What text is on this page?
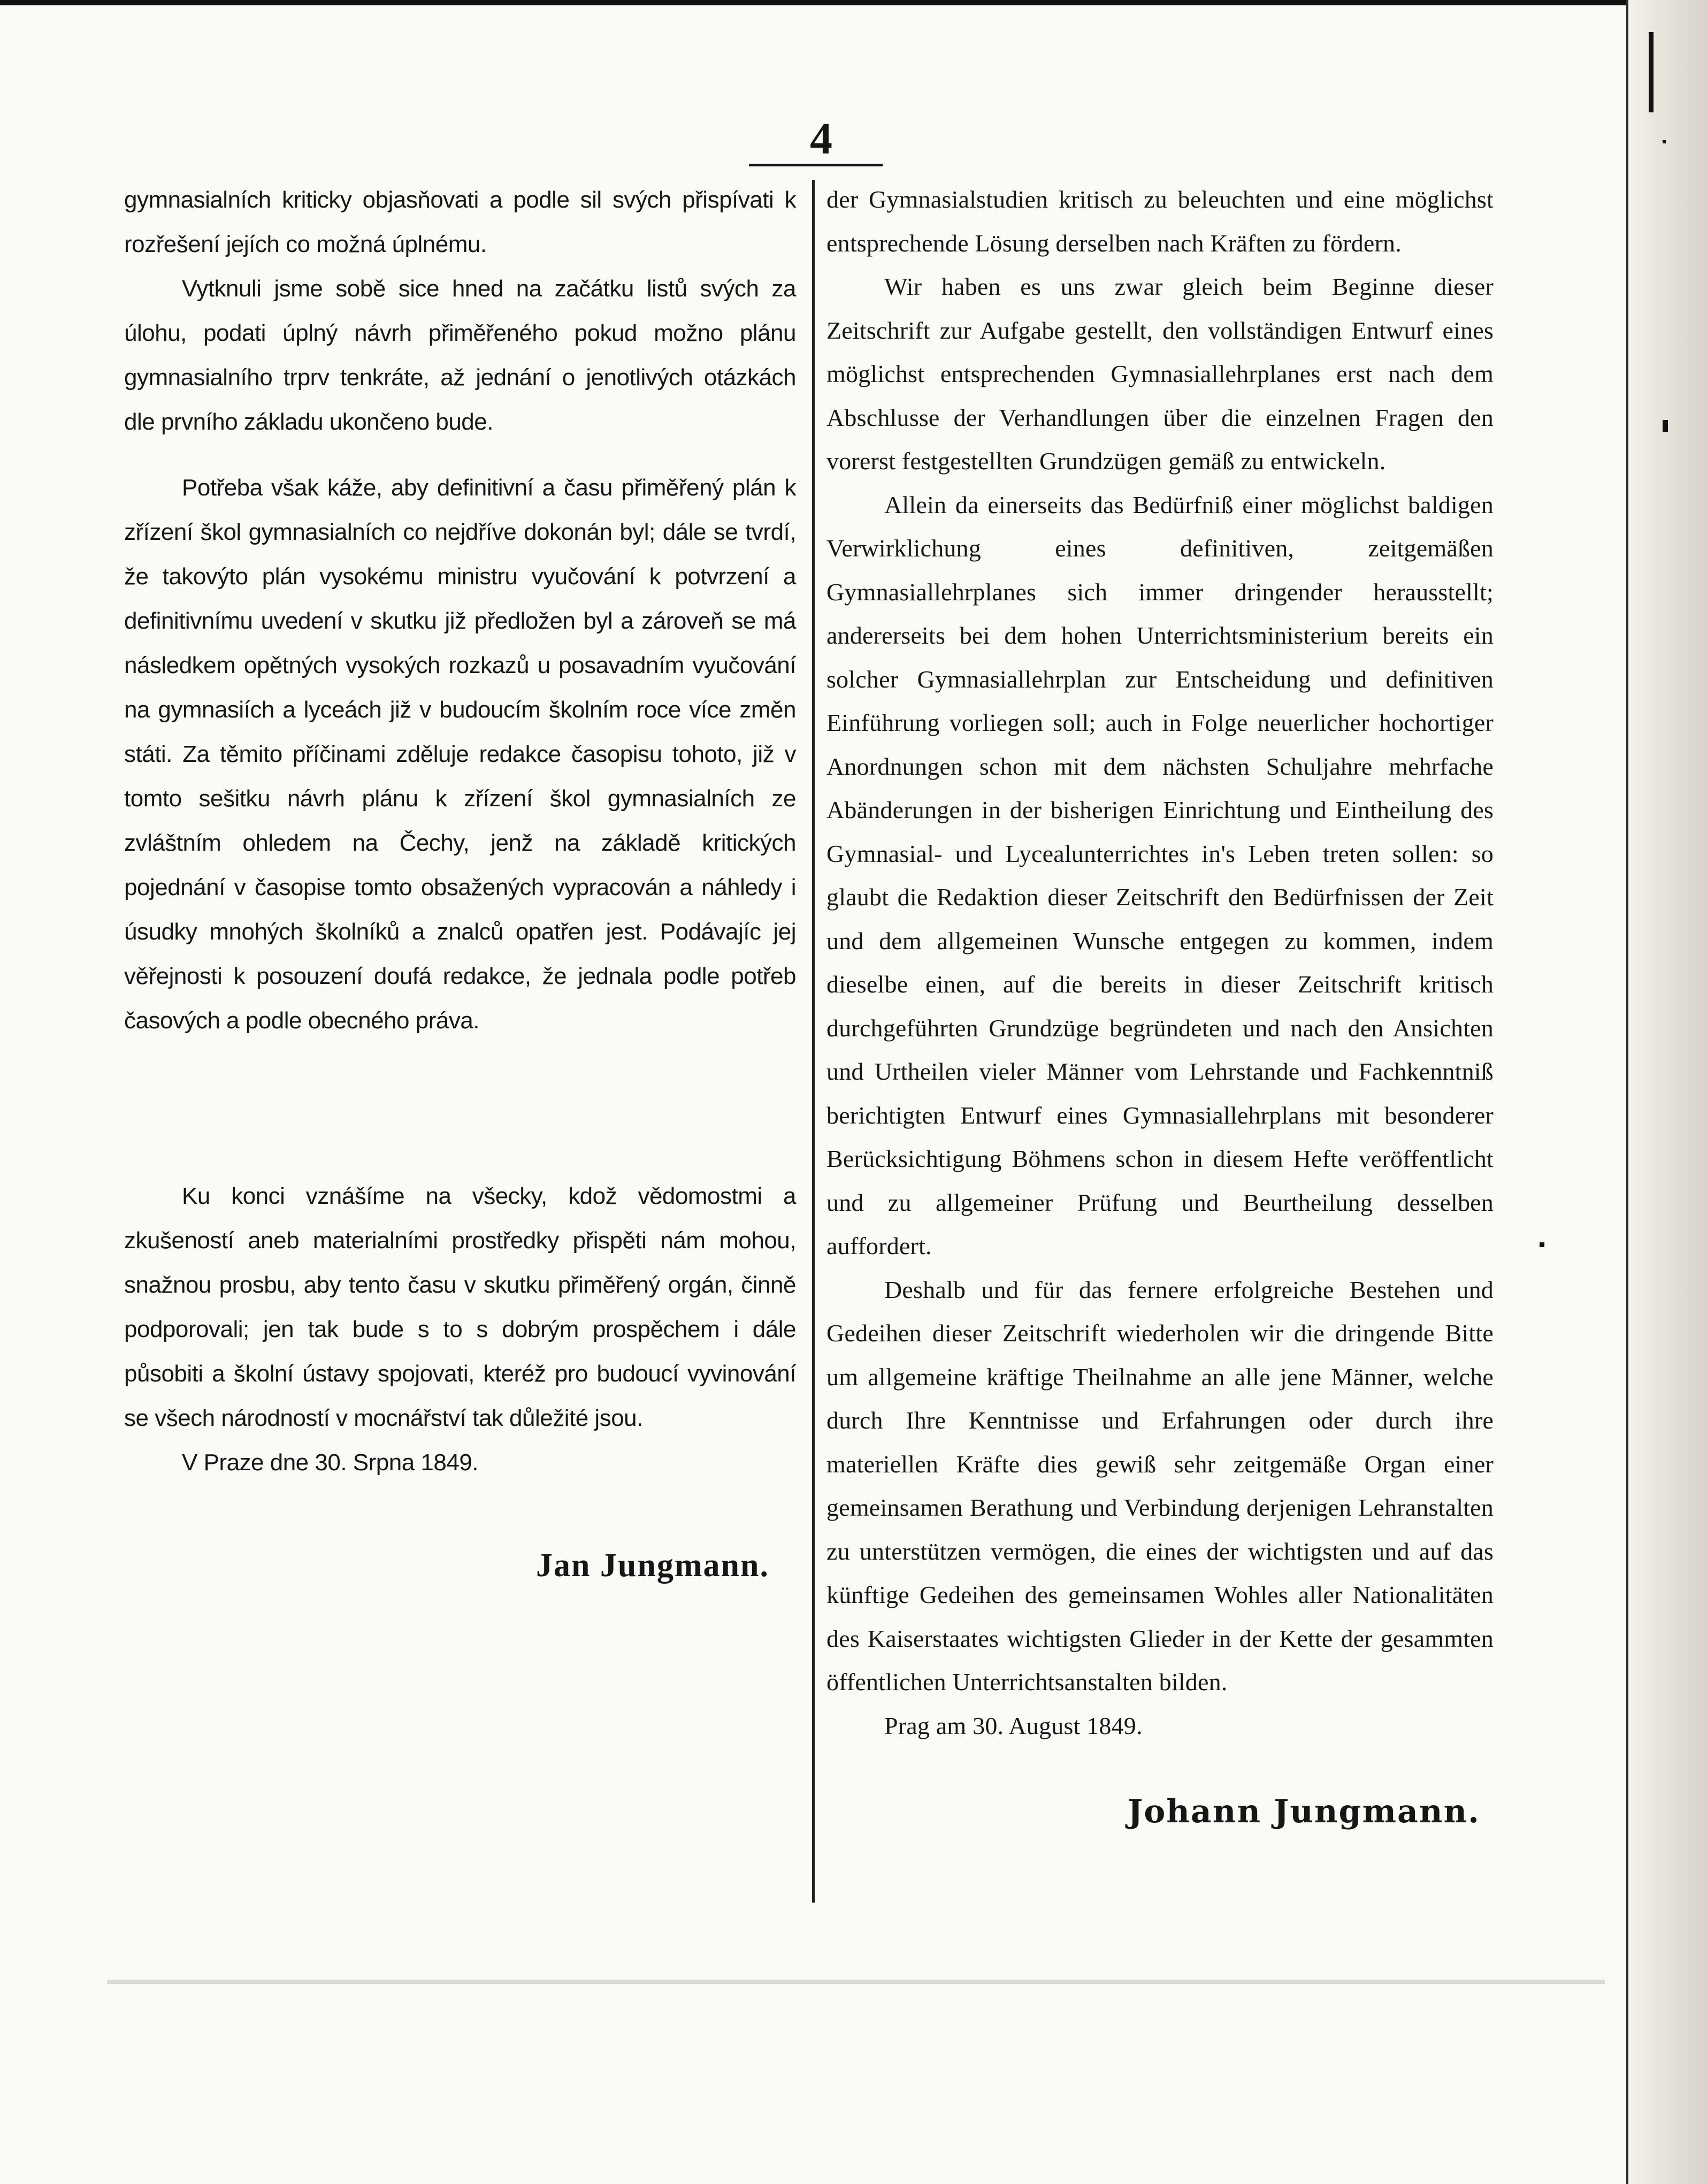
4

gymnasialních kriticky objasňovati a podle sil svých přispívati k rozřešení jejích co možná úplnému.

Vytknuli jsme sobě sice hned na začátku listů svých za úlohu, podati úplný návrh přiměřeného pokud možno plánu gymnasialního trprv tenkráte, až jednání o jenotlivých otázkách dle prvního základu ukončeno bude.

Potřeba však káže, aby definitivní a času přiměřený plán k zřízení škol gymnasialních co nejdříve dokonán byl; dále se tvrdí, že takovýto plán vysokému ministru vyučování k potvrzení a definitivnímu uvedení v skutku již předložen byl a zároveň se má následkem opětných vysokých rozkazů u posavadním vyučování na gymnasiích a lyceách již v budoucím školním roce více změn státi. Za těmito příčinami zděluje redakce časopisu tohoto, již v tomto sešitku návrh plánu k zřízení škol gymnasialních ze zvláštním ohledem na Čechy, jenž na základě kritických pojednání v časopise tomto obsažených vypracován a náhledy i úsudky mnohých školníků a znalců opatřen jest. Podávajíc jej věřejnosti k posouzení doufá redakce, že jednala podle potřeb časových a podle obecného práva.

Ku konci vznášíme na všecky, kdož vědomostmi a zkušeností aneb materialními prostředky přispěti nám mohou, snažnou prosbu, aby tento času v skutku přiměřený orgán, činně podporovali; jen tak bude s to s dobrým prospěchem i dále působiti a školní ústavy spojovati, kteréž pro budoucí vyvinování se všech národností v mocnářství tak důležité jsou.

V Praze dne 30. Srpna 1849.

Jan Jungmann.

der Gymnasialstudien kritisch zu beleuchten und eine möglichst entsprechende Lösung derselben nach Kräften zu fördern.

Wir haben es uns zwar gleich beim Beginne dieser Zeitschrift zur Aufgabe gestellt, den vollständigen Entwurf eines möglichst entsprechenden Gymnasiallehrplanes erst nach dem Abschlusse der Verhandlungen über die einzelnen Fragen den vorerst festgestellten Grundzügen gemäß zu entwickeln.

Allein da einerseits das Bedürfniß einer möglichst baldigen Verwirklichung eines definitiven, zeitgemäßen Gymnasiallehrplanes sich immer dringender herausstellt; andererseits bei dem hohen Unterrichtsministerium bereits ein solcher Gymnasiallehrplan zur Entscheidung und definitiven Einführung vorliegen soll; auch in Folge neuerlicher hochortiger Anordnungen schon mit dem nächsten Schuljahre mehrfache Abänderungen in der bisherigen Einrichtung und Eintheilung des Gymnasial- und Lycealunterrichtes in's Leben treten sollen: so glaubt die Redaktion dieser Zeitschrift den Bedürfnissen der Zeit und dem allgemeinen Wunsche entgegen zu kommen, indem dieselbe einen, auf die bereits in dieser Zeitschrift kritisch durchgeführten Grundzüge begründeten und nach den Ansichten und Urtheilen vieler Männer vom Lehrstande und Fachkenntniß berichtigten Entwurf eines Gymnasiallehrplans mit besonderer Berücksichtigung Böhmens schon in diesem Hefte veröffentlicht und zu allgemeiner Prüfung und Beurtheilung desselben auffordert.

Deshalb und für das fernere erfolgreiche Bestehen und Gedeihen dieser Zeitschrift wiederholen wir die dringende Bitte um allgemeine kräftige Theilnahme an alle jene Männer, welche durch Ihre Kenntnisse und Erfahrungen oder durch ihre materiellen Kräfte dies gewiß sehr zeitgemäße Organ einer gemeinsamen Berathung und Verbindung derjenigen Lehranstalten zu unterstützen vermögen, die eines der wichtigsten und auf das künftige Gedeihen des gemeinsamen Wohles aller Nationalitäten des Kaiserstaates wichtigsten Glieder in der Kette der gesammten öffentlichen Unterrichtsanstalten bilden.

Prag am 30. August 1849.

Johann Jungmann.
